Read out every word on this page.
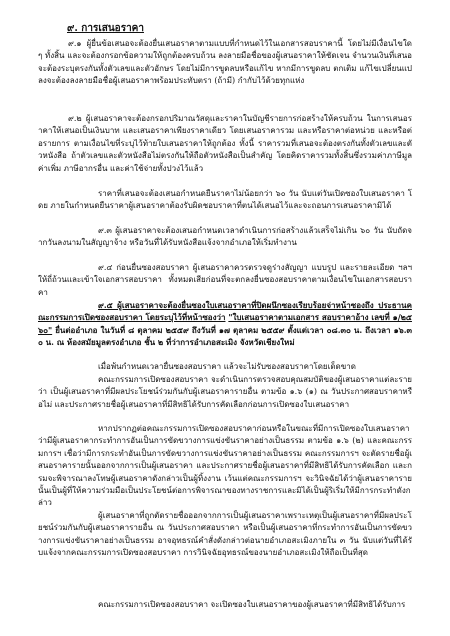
๙. การเสนอราคา
๙.๑ ผู้ยื่นข้อเสนอจะต้องยื่นเสนอราคาตามแบบที่กำหนดไว้ในเอกสารสอบราคานี้ โดยไม่มีเงื่อนไขใด ๆ ทั้งสิ้น และจะต้องกรอกข้อความให้ถูกต้องครบถ้วน ลงลายมือชื่อของผู้เสนอราคาให้ชัดเจน จำนวนเงินที่เสนอจะต้องระบุตรงกันทั้งตัวเลขและตัวอักษร โดยไม่มีการขูดลบหรือแก้ไข หากมีการขูดลบ ตกเติม แก้ไขเปลี่ยนแปลงจะต้องลงลายมือชื่อผู้เสนอราคาพร้อมประทับตรา (ถ้ามี) กำกับไว้ด้วยทุกแห่ง
๙.๒ ผู้เสนอราคาจะต้องกรอกปริมาณวัสดุและราคาในบัญชีรายการก่อสร้างให้ครบถ้วน ในการเสนอราคาให้เสนอเป็นเงินบาท และเสนอราคาเพียงราคาเดียว โดยเสนอราคารวม และหรือราคาต่อหน่วย และหรือต่อรายการ ตามเงื่อนไขที่ระบุไว้ท้ายใบเสนอราคาให้ถูกต้อง ทั้งนี้ ราคารวมที่เสนอจะต้องตรงกันทั้งตัวเลขและตัวหนังสือ ถ้าตัวเลขและตัวหนังสือไม่ตรงกันให้ถือตัวหนังสือเป็นสำคัญ โดยคิดราคารวมทั้งสิ้นซึ่งรวมค่าภาษีมูลค่าเพิ่ม ภาษีอากรอื่น และค่าใช้จ่ายทั้งปวงไว้แล้ว
ราคาที่เสนอจะต้องเสนอกำหนดยืนราคาไม่น้อยกว่า ๖๐ วัน นับแต่วันเปิดซองใบเสนอราคา โดย ภายในกำหนดยืนราคาผู้เสนอราคาต้องรับผิดชอบราคาที่ตนได้เสนอไว้และจะถอนการเสนอราคามิได้
๙.๓ ผู้เสนอราคาจะต้องเสนอกำหนดเวลาดำเนินการก่อสร้างแล้วเสร็จไม่เกิน ๖๐ วัน นับถัดจากวันลงนามในสัญญาจ้าง หรือวันที่ได้รับหนังสือแจ้งจากอำเภอให้เริ่มทำงาน
๙.๔ ก่อนยื่นซองสอบราคา ผู้เสนอราคาควรตรวจดูร่างสัญญา แบบรูป และรายละเอียด ฯลฯ ให้ถี่ถ้วนและเข้าใจเอกสารสอบราคา ทั้งหมดเสียก่อนที่จะตกลงยื่นซองสอบราคาตามเงื่อนไขในเอกสารสอบราคา
๙.๕ ผู้เสนอราคาจะต้องยื่นซองใบเสนอราคาที่ปิดผนึกซองเรียบร้อยจ่าหน้าซองถึง ประธานคณะกรรมการเปิดซองสอบราคา โดยระบุไว้ที่หน้าซองว่า "ใบเสนอราคาตามเอกสาร สอบราคาอ้าง เลขที่ ๑/๒๕๖๐" ยื่นต่ออำเภอ ในวันที่ ๘ ตุลาคม ๒๕๕๙ ถึงวันที่ ๑๗ ตุลาคม ๒๕๕๙ ตั้งแต่เวลา ๐๘.๓๐ น. ถึงเวลา ๑๖.๓๐ น. ณ ห้องสมัยมูลตรงอำเภอ ชั้น ๒ ที่ว่าการอำเภอสะเมิง จังหวัดเชียงใหม่
เมื่อพ้นกำหนดเวลายื่นซองสอบราคา แล้วจะไม่รับซองสอบราคาโดยเด็ดขาด
คณะกรรมการเปิดซองสอบราคา จะดำเนินการตรวจสอบคุณสมบัติของผู้เสนอราคาแต่ละรายว่า เป็นผู้เสนอราคาที่มีผลประโยชน์ร่วมกันกับผู้เสนอราคารายอื่น ตามข้อ ๑.๖ (๑) ณ วันประกาศสอบราคาหรือไม่ และประกาศรายชื่อผู้เสนอราคาที่มีสิทธิได้รับการคัดเลือกก่อนการเปิดซองใบเสนอราคา
หากปรากฏต่อคณะกรรมการเปิดซองสอบราคาก่อนหรือในขณะที่มีการเปิดซองใบเสนอราคาว่ามีผู้เสนอราคากระทำการอันเป็นการขัดขวางการแข่งขันราคาอย่างเป็นธรรม ตามข้อ ๑.๖ (๒) และคณะกรรมการฯ เชื่อว่ามีการกระทำอันเป็นการขัดขวางการแข่งขันราคาอย่างเป็นธรรม คณะกรรมการฯ จะตัดรายชื่อผู้เสนอราคารายนั้นออกจากการเป็นผู้เสนอราคา และประกาศรายชื่อผู้เสนอราคาที่มีสิทธิได้รับการคัดเลือก และกรมจะพิจารณาลงโทษผู้เสนอราคาดังกล่าวเป็นผู้ทิ้งงาน เว้นแต่คณะกรรมการฯ จะวินิจฉัยได้ว่าผู้เสนอราคารายนั้นเป็นผู้ที่ให้ความร่วมมือเป็นประโยชน์ต่อการพิจารณาของทางราชการและมิได้เป็นผู้ริเริ่มให้มีการกระทำดังกล่าว
ผู้เสนอราคาที่ถูกตัดรายชื่อออกจากการเป็นผู้เสนอราคาเพราะเหตุเป็นผู้เสนอราคาที่มีผลประโยชน์ร่วมกันกับผู้เสนอราคารายอื่น ณ วันประกาศสอบราคา หรือเป็นผู้เสนอราคาที่กระทำการอันเป็นการขัดขวางการแข่งขันราคาอย่างเป็นธรรม อาจอุทธรณ์คำสั่งดังกล่าวต่อนายอำเภอสะเมิงภายใน ๓ วัน นับแต่วันที่ได้รับแจ้งจากคณะกรรมการเปิดซองสอบราคา การวินิจฉัยอุทธรณ์ของนายอำเภอสะเมิงให้ถือเป็นที่สุด
คณะกรรมการเปิดซองสอบราคา จะเปิดซองใบเสนอราคาของผู้เสนอราคาที่มีสิทธิได้รับการ
